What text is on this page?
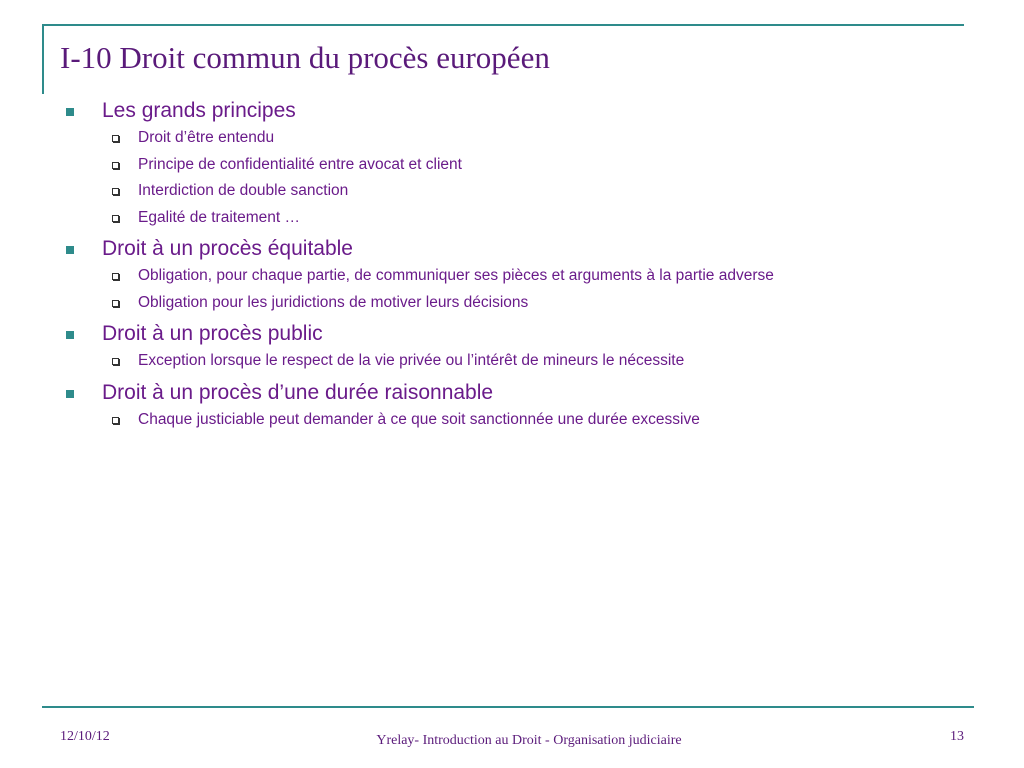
I-10 Droit commun du procès européen
Les grands principes
Droit d’être entendu
Principe de confidentialité entre avocat et client
Interdiction de double sanction
Egalité de traitement …
Droit à un procès équitable
Obligation, pour chaque partie, de communiquer ses pièces et arguments à la partie adverse
Obligation pour les juridictions de motiver leurs décisions
Droit à un procès public
Exception lorsque le respect de la vie privée ou l’intérêt de mineurs le nécessite
Droit à un procès d’une durée raisonnable
Chaque justiciable peut demander à ce que soit sanctionnée une durée excessive
12/10/12	Yrelay- Introduction au Droit - Organisation judiciaire	13
